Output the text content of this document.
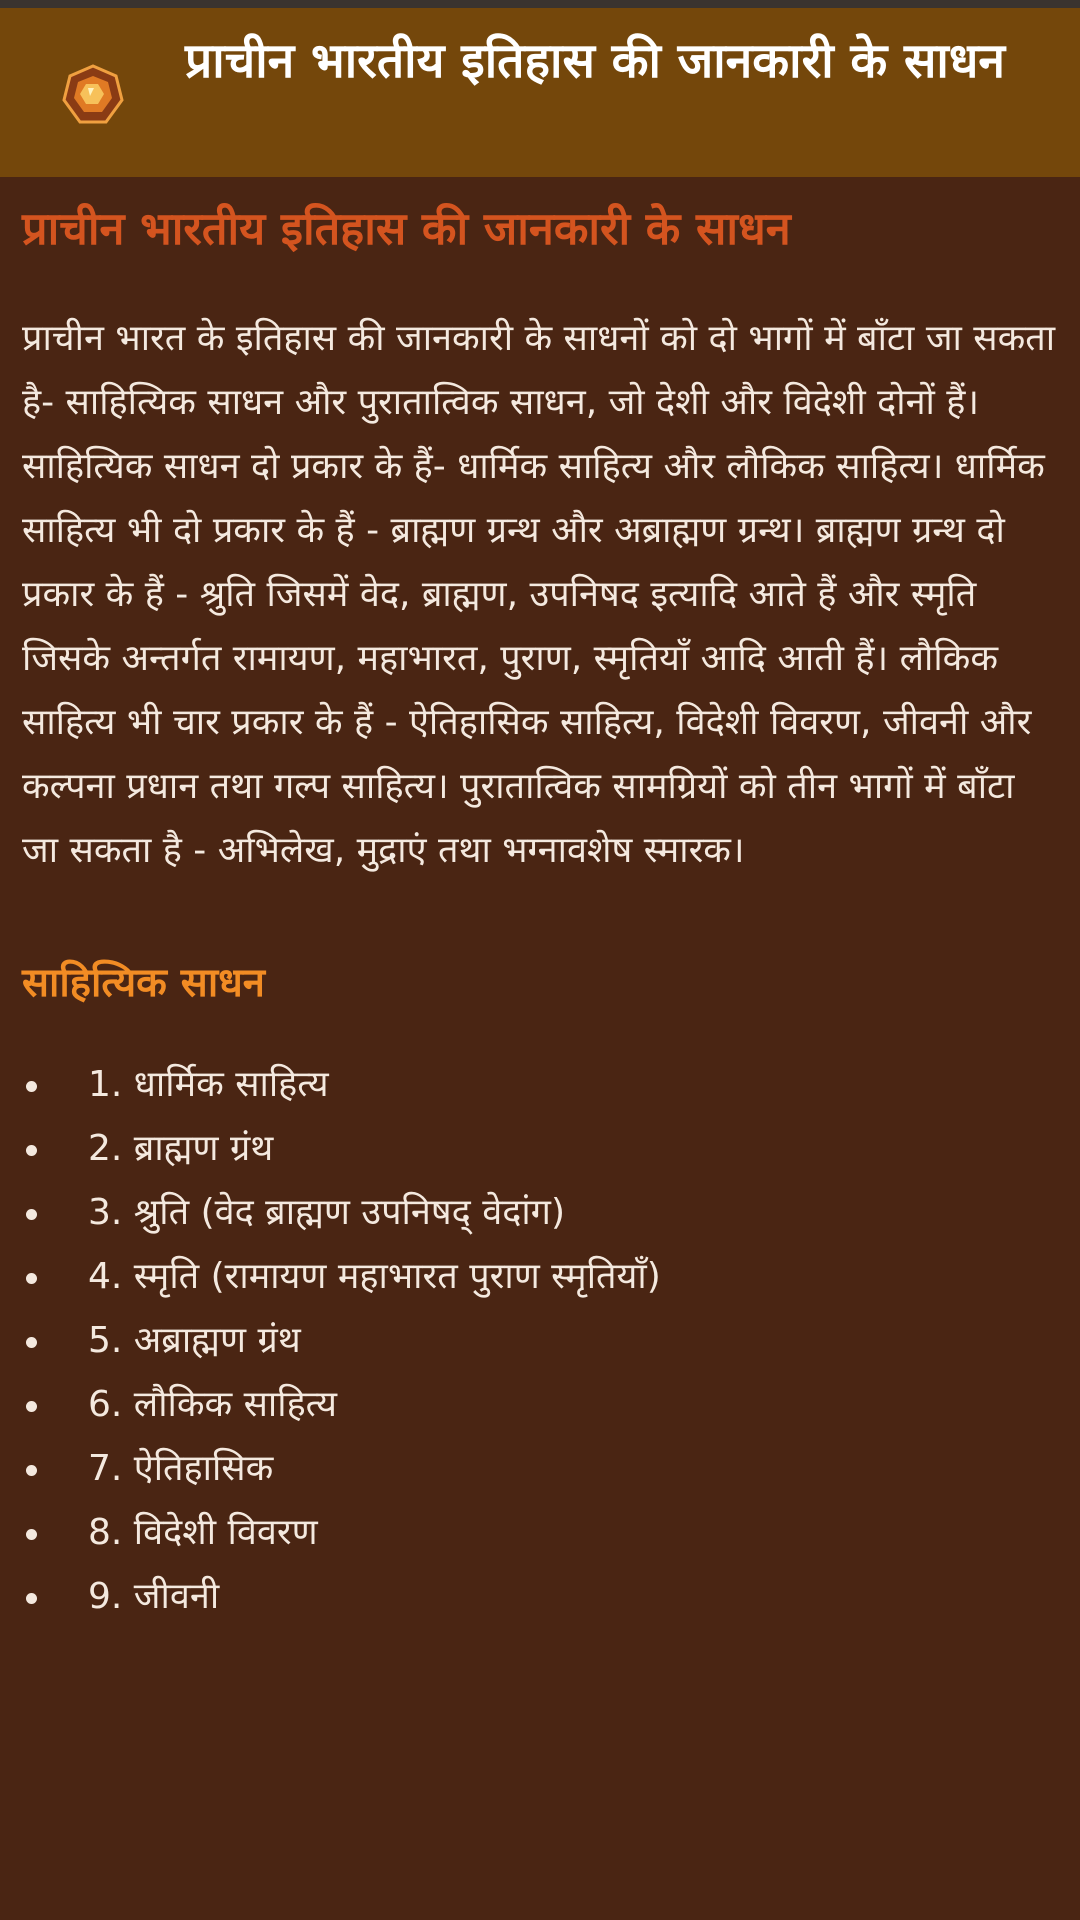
प्राचीन भारतीय इतिहास की जानकारी के साधन
प्राचीन भारतीय इतिहास की जानकारी के साधन

प्राचीन भारत के इतिहास की जानकारी के साधनों को दो भागों में बाँटा जा सकता है- साहित्यिक साधन और पुरातात्विक साधन, जो देशी और विदेशी दोनों हैं। साहित्यिक साधन दो प्रकार के हैं- धार्मिक साहित्य और लौकिक साहित्य। धार्मिक साहित्य भी दो प्रकार के हैं - ब्राह्मण ग्रन्थ और अब्राह्मण ग्रन्थ। ब्राह्मण ग्रन्थ दो प्रकार के हैं - श्रुति जिसमें वेद, ब्राह्मण, उपनिषद इत्यादि आते हैं और स्मृति जिसके अन्तर्गत रामायण, महाभारत, पुराण, स्मृतियाँ आदि आती हैं। लौकिक साहित्य भी चार प्रकार के हैं - ऐतिहासिक साहित्य, विदेशी विवरण, जीवनी और कल्पना प्रधान तथा गल्प साहित्य। पुरातात्विक सामग्रियों को तीन भागों में बाँटा जा सकता है - अभिलेख, मुद्राएं तथा भग्नावशेष स्मारक।

साहित्यिक साधन
1. धार्मिक साहित्य
2. ब्राह्मण ग्रंथ
3. श्रुति (वेद ब्राह्मण उपनिषद् वेदांग)
4. स्मृति (रामायण महाभारत पुराण स्मृतियाँ)
5. अब्राह्मण ग्रंथ
6. लौकिक साहित्य
7. ऐतिहासिक
8. विदेशी विवरण
9. जीवनी
